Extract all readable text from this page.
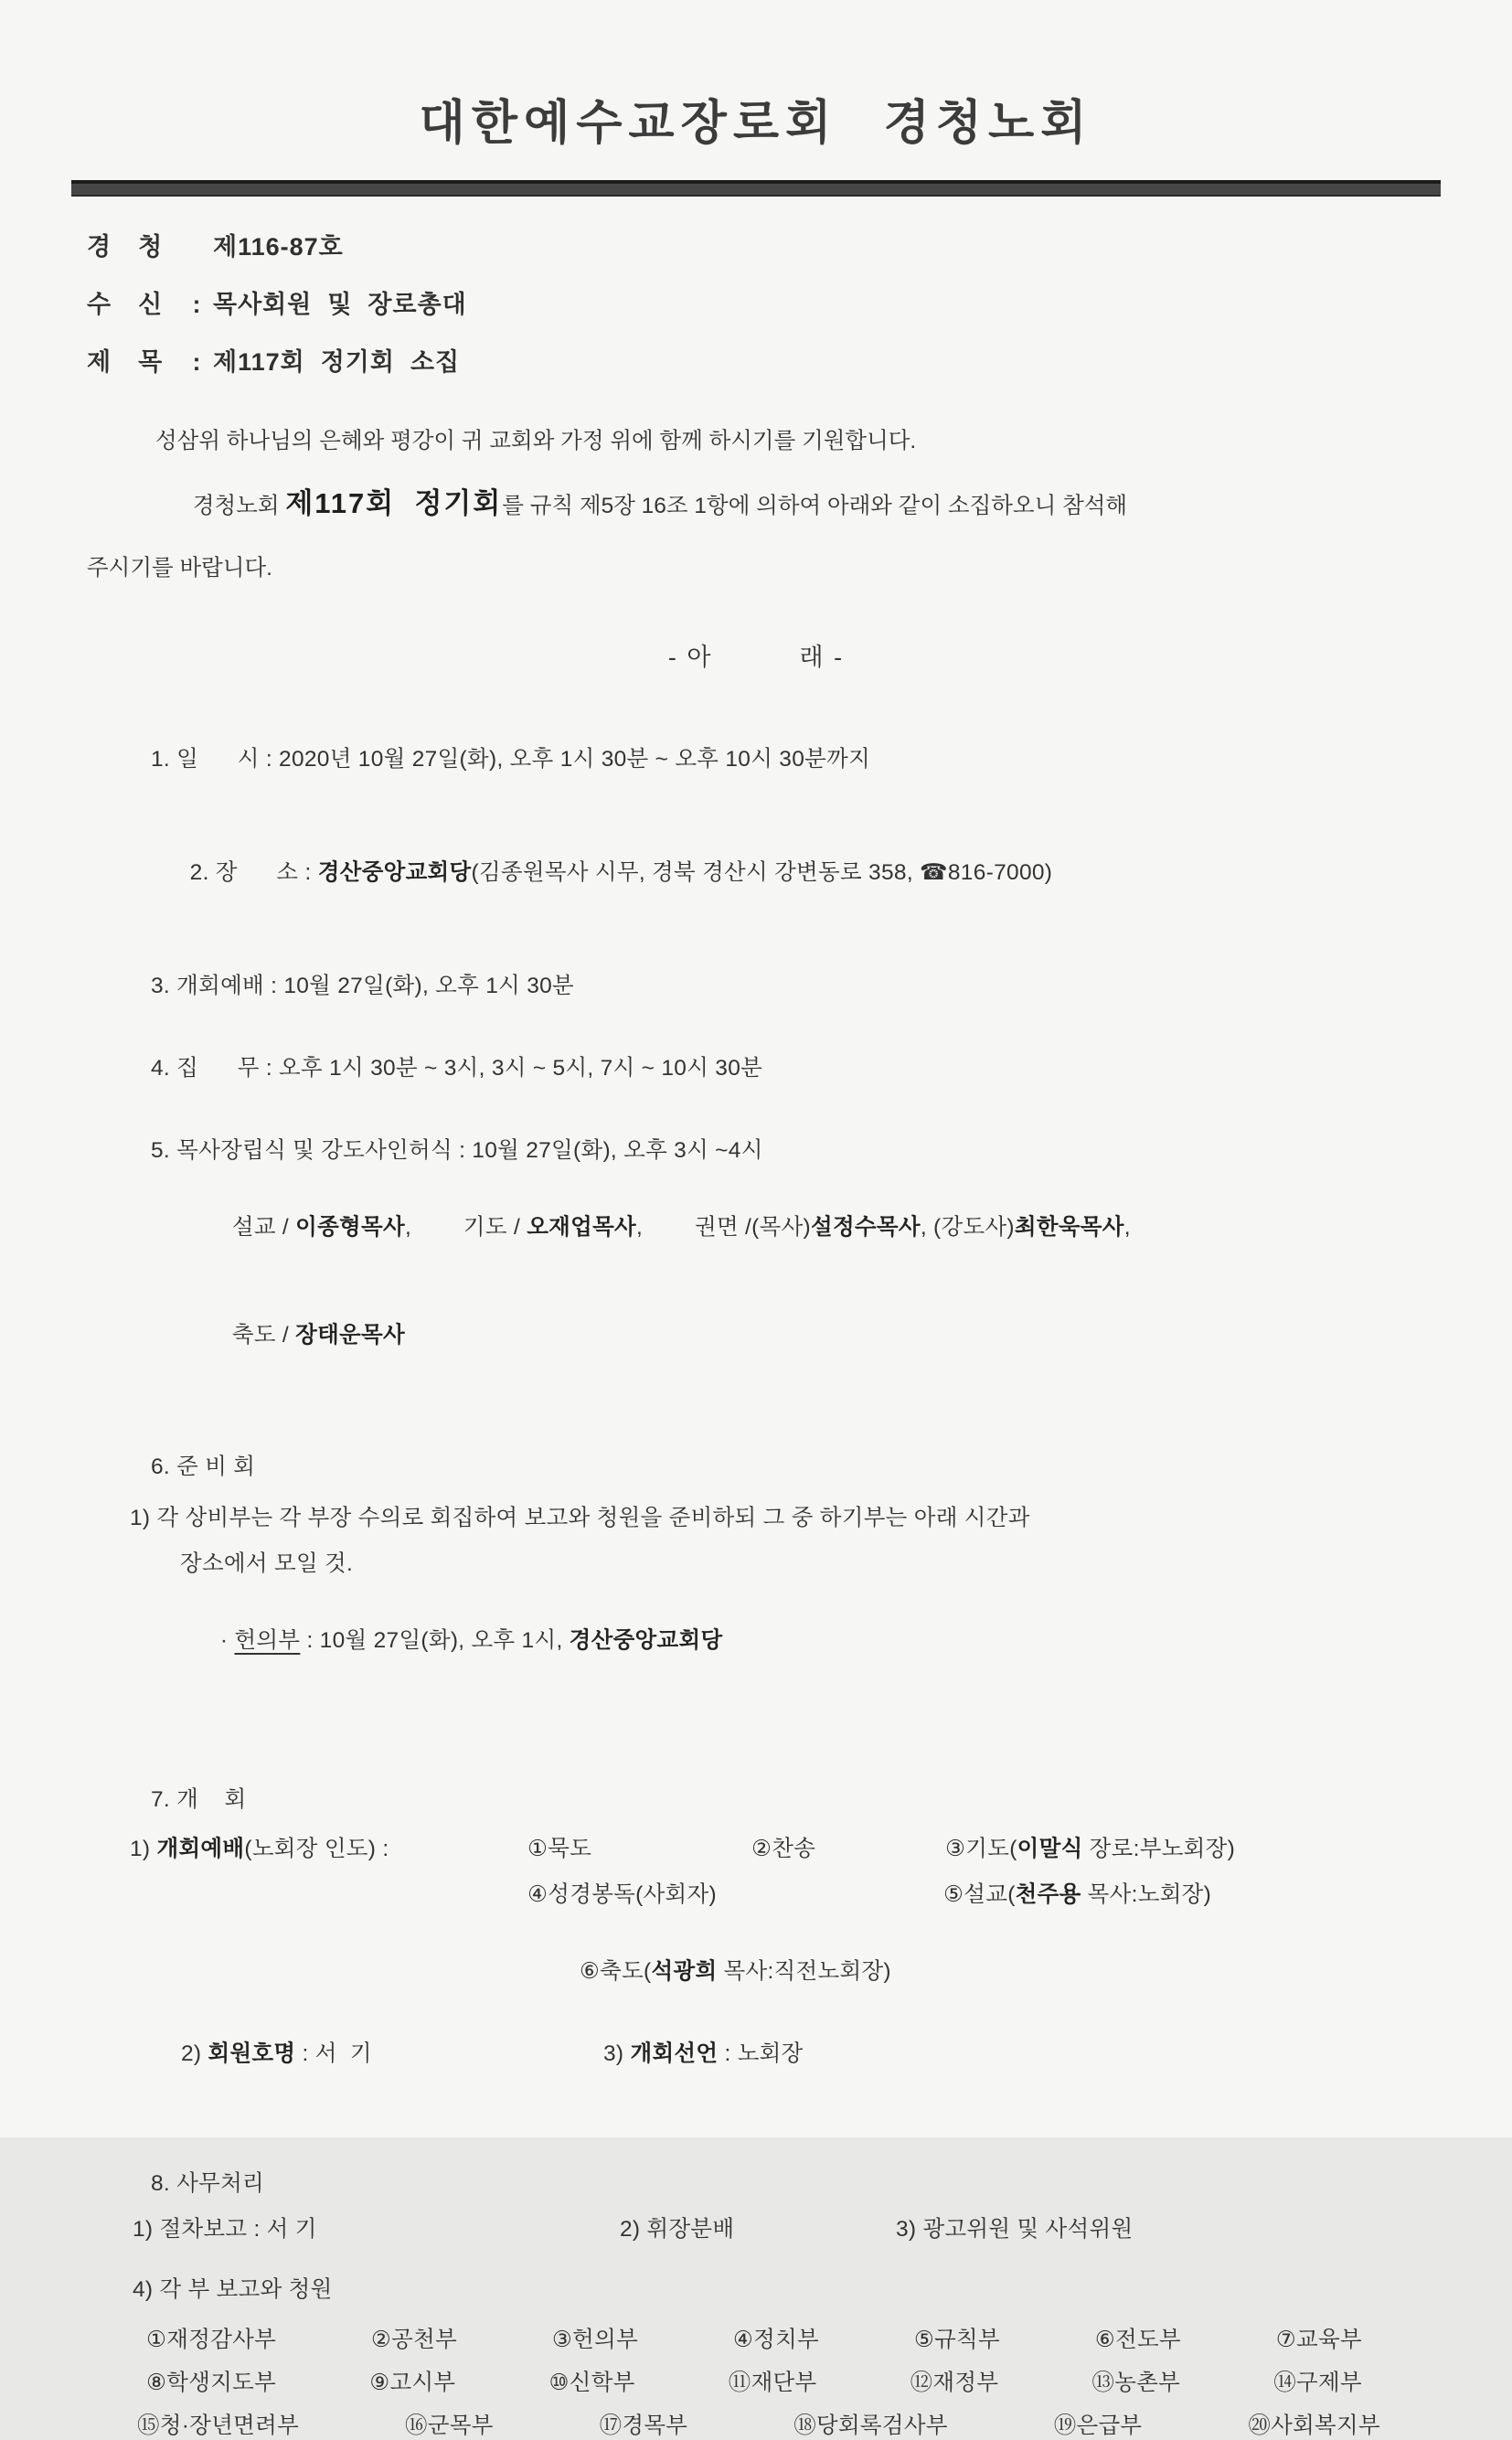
대한예수교장로회  경청노회
경    청	제116-87호
수    신	: 목사회원  및  장로총대
제    목	: 제117회  정기회  소집
성삼위 하나님의 은혜와 평강이 귀 교회와 가정 위에 함께 하시기를 기원합니다.

경청노회 제117회  정기회를 규칙 제5장 16조 1항에 의하여 아래와 같이 소집하오니 참석해

주시기를 바랍니다.
- 아          래 -
1. 일      시 : 2020년 10월 27일(화), 오후 1시 30분 ~ 오후 10시 30분까지

2. 장      소 : 경산중앙교회당(김종원목사 시무, 경북 경산시 강변동로 358, ☎816-7000)

3. 개회예배 : 10월 27일(화), 오후 1시 30분
4. 집      무 : 오후 1시 30분 ~ 3시, 3시 ~ 5시, 7시 ~ 10시 30분
5. 목사장립식 및 강도사인허식 : 10월 27일(화), 오후 3시 ~4시

설교 / 이종형목사,        기도 / 오재업목사,        권면 /(목사)설정수목사, (강도사)최한욱목사,

축도 / 장태운목사

6. 준 비 회
1) 각 상비부는 각 부장 수의로 회집하여 보고와 청원을 준비하되 그 중 하기부는 아래 시간과
장소에서 모일 것.

· 헌의부 : 10월 27일(화), 오후 1시, 경산중앙교회당

7. 개    회
1) 개회예배(노회장 인도) :	①묵도	②찬송	③기도(이말식 장로:부노회장)
④성경봉독(사회자)	⑤설교(천주용 목사:노회장)

⑥축도(석광희 목사:직전노회장)

2) 회원호명 : 서  기	3) 개회선언 : 노회장
8. 사무처리
1) 절차보고 : 서 기	2) 휘장분배	3) 광고위원 및 사석위원
4) 각 부 보고와 청원
①재정감사부	②공천부	③헌의부	④정치부	⑤규칙부	⑥전도부	⑦교육부
⑧학생지도부	⑨고시부	⑩신학부	⑪재단부	⑫재정부	⑬농촌부	⑭구제부
⑮청·장년면려부	⑯군목부	⑰경목부	⑱당회록검사부	⑲은급부	⑳사회복지부
